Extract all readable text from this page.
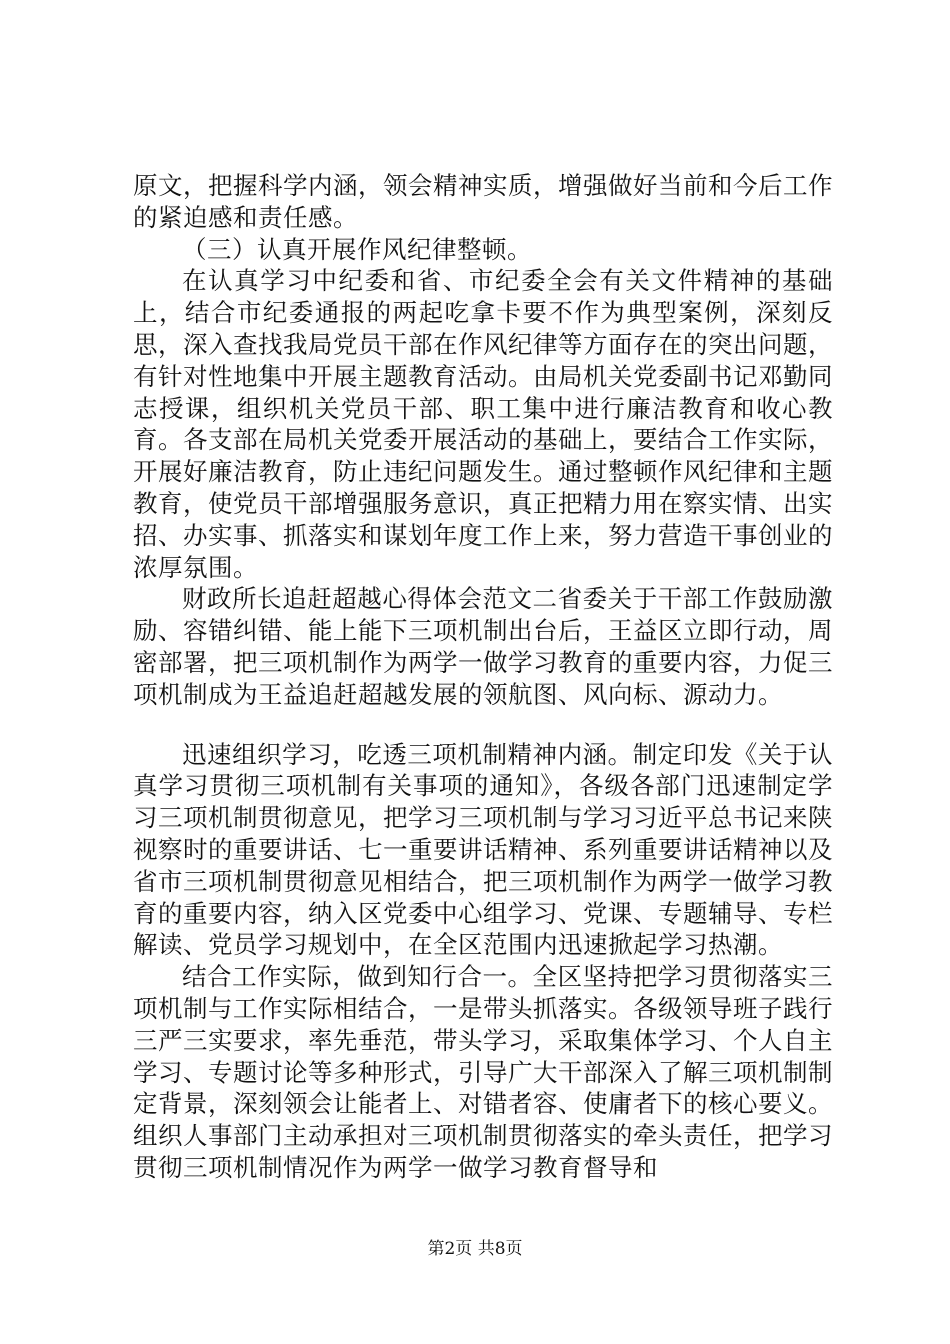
原文，把握科学内涵，领会精神实质，增强做好当前和今后工作的紧迫感和责任感。

（三）认真开展作风纪律整顿。

在认真学习中纪委和省、市纪委全会有关文件精神的基础上，结合市纪委通报的两起吃拿卡要不作为典型案例，深刻反思，深入查找我局党员干部在作风纪律等方面存在的突出问题，有针对性地集中开展主题教育活动。由局机关党委副书记邓勤同志授课，组织机关党员干部、职工集中进行廉洁教育和收心教育。各支部在局机关党委开展活动的基础上，要结合工作实际，开展好廉洁教育，防止违纪问题发生。通过整顿作风纪律和主题教育，使党员干部增强服务意识，真正把精力用在察实情、出实招、办实事、抓落实和谋划年度工作上来，努力营造干事创业的浓厚氛围。

财政所长追赶超越心得体会范文二省委关于干部工作鼓励激励、容错纠错、能上能下三项机制出台后，王益区立即行动，周密部署，把三项机制作为两学一做学习教育的重要内容，力促三项机制成为王益追赶超越发展的领航图、风向标、源动力。

迅速组织学习，吃透三项机制精神内涵。制定印发《关于认真学习贯彻三项机制有关事项的通知》，各级各部门迅速制定学习三项机制贯彻意见，把学习三项机制与学习习近平总书记来陕视察时的重要讲话、七一重要讲话精神、系列重要讲话精神以及省市三项机制贯彻意见相结合，把三项机制作为两学一做学习教育的重要内容，纳入区党委中心组学习、党课、专题辅导、专栏解读、党员学习规划中，在全区范围内迅速掀起学习热潮。

结合工作实际，做到知行合一。全区坚持把学习贯彻落实三项机制与工作实际相结合，一是带头抓落实。各级领导班子践行三严三实要求，率先垂范，带头学习，采取集体学习、个人自主学习、专题讨论等多种形式，引导广大干部深入了解三项机制制定背景，深刻领会让能者上、对错者容、使庸者下的核心要义。组织人事部门主动承担对三项机制贯彻落实的牵头责任，把学习贯彻三项机制情况作为两学一做学习教育督导和

第2页 共8页
